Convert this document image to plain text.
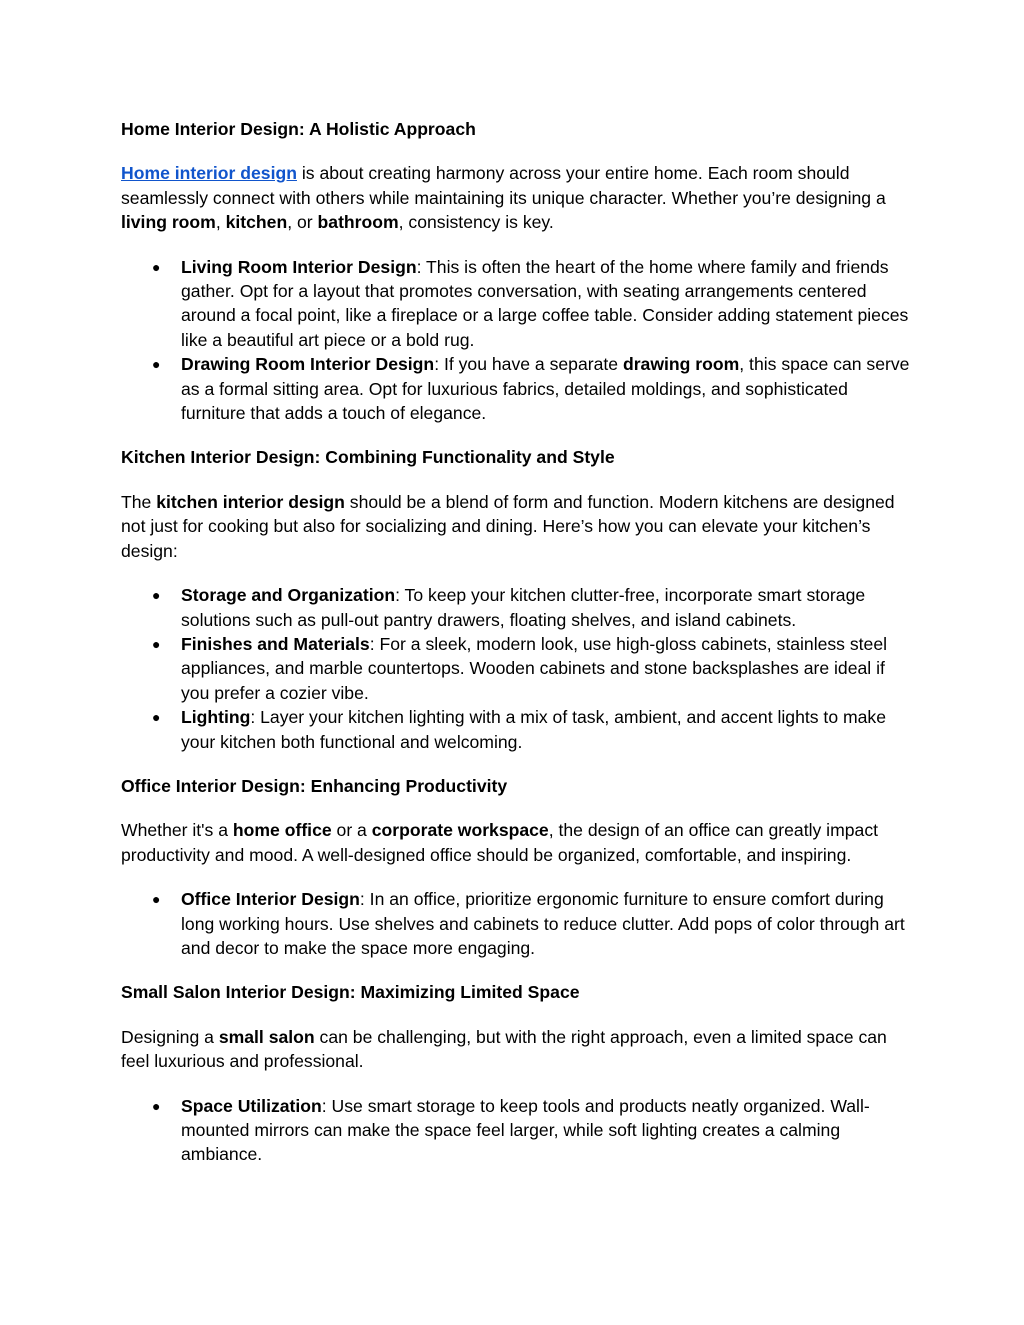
Home Interior Design: A Holistic Approach

Home interior design is about creating harmony across your entire home. Each room should seamlessly connect with others while maintaining its unique character. Whether you’re designing a living room, kitchen, or bathroom, consistency is key.

● Living Room Interior Design: This is often the heart of the home where family and friends gather. Opt for a layout that promotes conversation, with seating arrangements centered around a focal point, like a fireplace or a large coffee table. Consider adding statement pieces like a beautiful art piece or a bold rug.
● Drawing Room Interior Design: If you have a separate drawing room, this space can serve as a formal sitting area. Opt for luxurious fabrics, detailed moldings, and sophisticated furniture that adds a touch of elegance.
Kitchen Interior Design: Combining Functionality and Style

The kitchen interior design should be a blend of form and function. Modern kitchens are designed not just for cooking but also for socializing and dining. Here’s how you can elevate your kitchen’s design:

● Storage and Organization: To keep your kitchen clutter-free, incorporate smart storage solutions such as pull-out pantry drawers, floating shelves, and island cabinets.
● Finishes and Materials: For a sleek, modern look, use high-gloss cabinets, stainless steel appliances, and marble countertops. Wooden cabinets and stone backsplashes are ideal if you prefer a cozier vibe.
● Lighting: Layer your kitchen lighting with a mix of task, ambient, and accent lights to make your kitchen both functional and welcoming.
Office Interior Design: Enhancing Productivity

Whether it's a home office or a corporate workspace, the design of an office can greatly impact productivity and mood. A well-designed office should be organized, comfortable, and inspiring.

● Office Interior Design: In an office, prioritize ergonomic furniture to ensure comfort during long working hours. Use shelves and cabinets to reduce clutter. Add pops of color through art and decor to make the space more engaging.
Small Salon Interior Design: Maximizing Limited Space

Designing a small salon can be challenging, but with the right approach, even a limited space can feel luxurious and professional.

● Space Utilization: Use smart storage to keep tools and products neatly organized. Wall-mounted mirrors can make the space feel larger, while soft lighting creates a calming ambiance.
